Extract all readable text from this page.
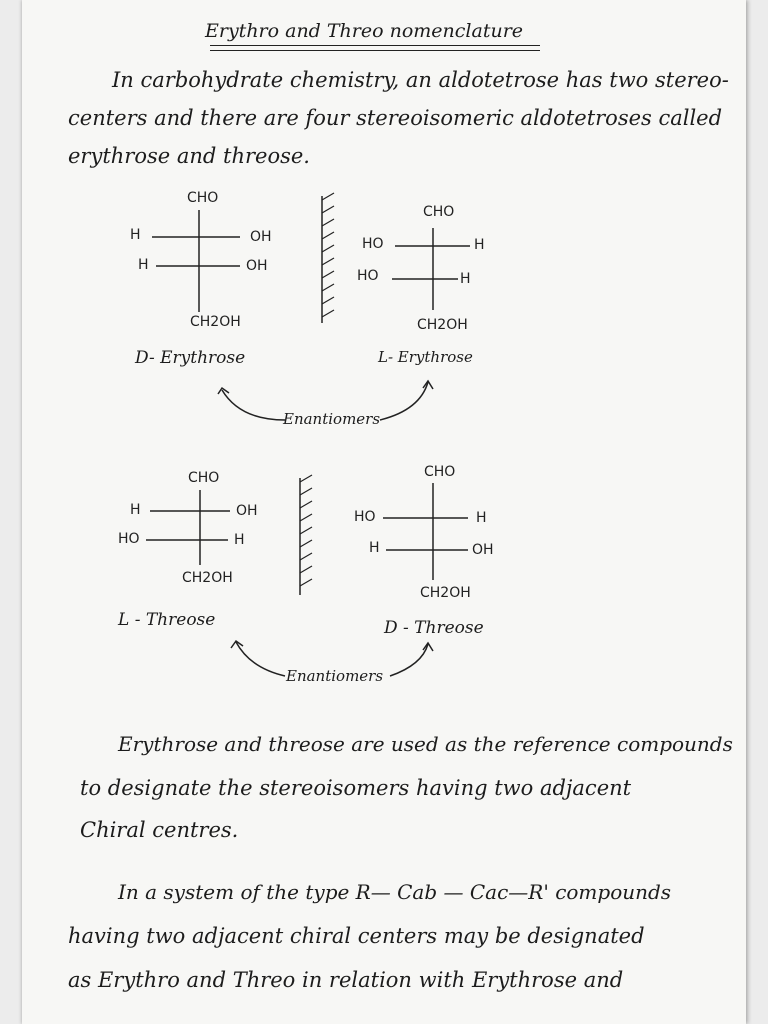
Erythro and Threo nomenclature
In carbohydrate chemistry, an aldotetrose has two stereo-
centers and there are four stereoisomeric aldotetroses called
erythrose and threose.
CHO
H	OH
H	OH
CH2OH
D- Erythrose
CHO
HO	H
HO	H
CH2OH
L- Erythrose
Enantiomers
CHO
H	OH
HO	H
CH2OH
L - Threose
CHO
HO	H
H	OH
CH2OH
D - Threose
Enantiomers
Erythrose and threose are used as the reference compounds
to designate the stereoisomers having two adjacent
Chiral centres.
In a system of the type R— Cab — Cac—R' compounds
having two adjacent chiral centers may be designated
as Erythro and Threo in relation with Erythrose and
